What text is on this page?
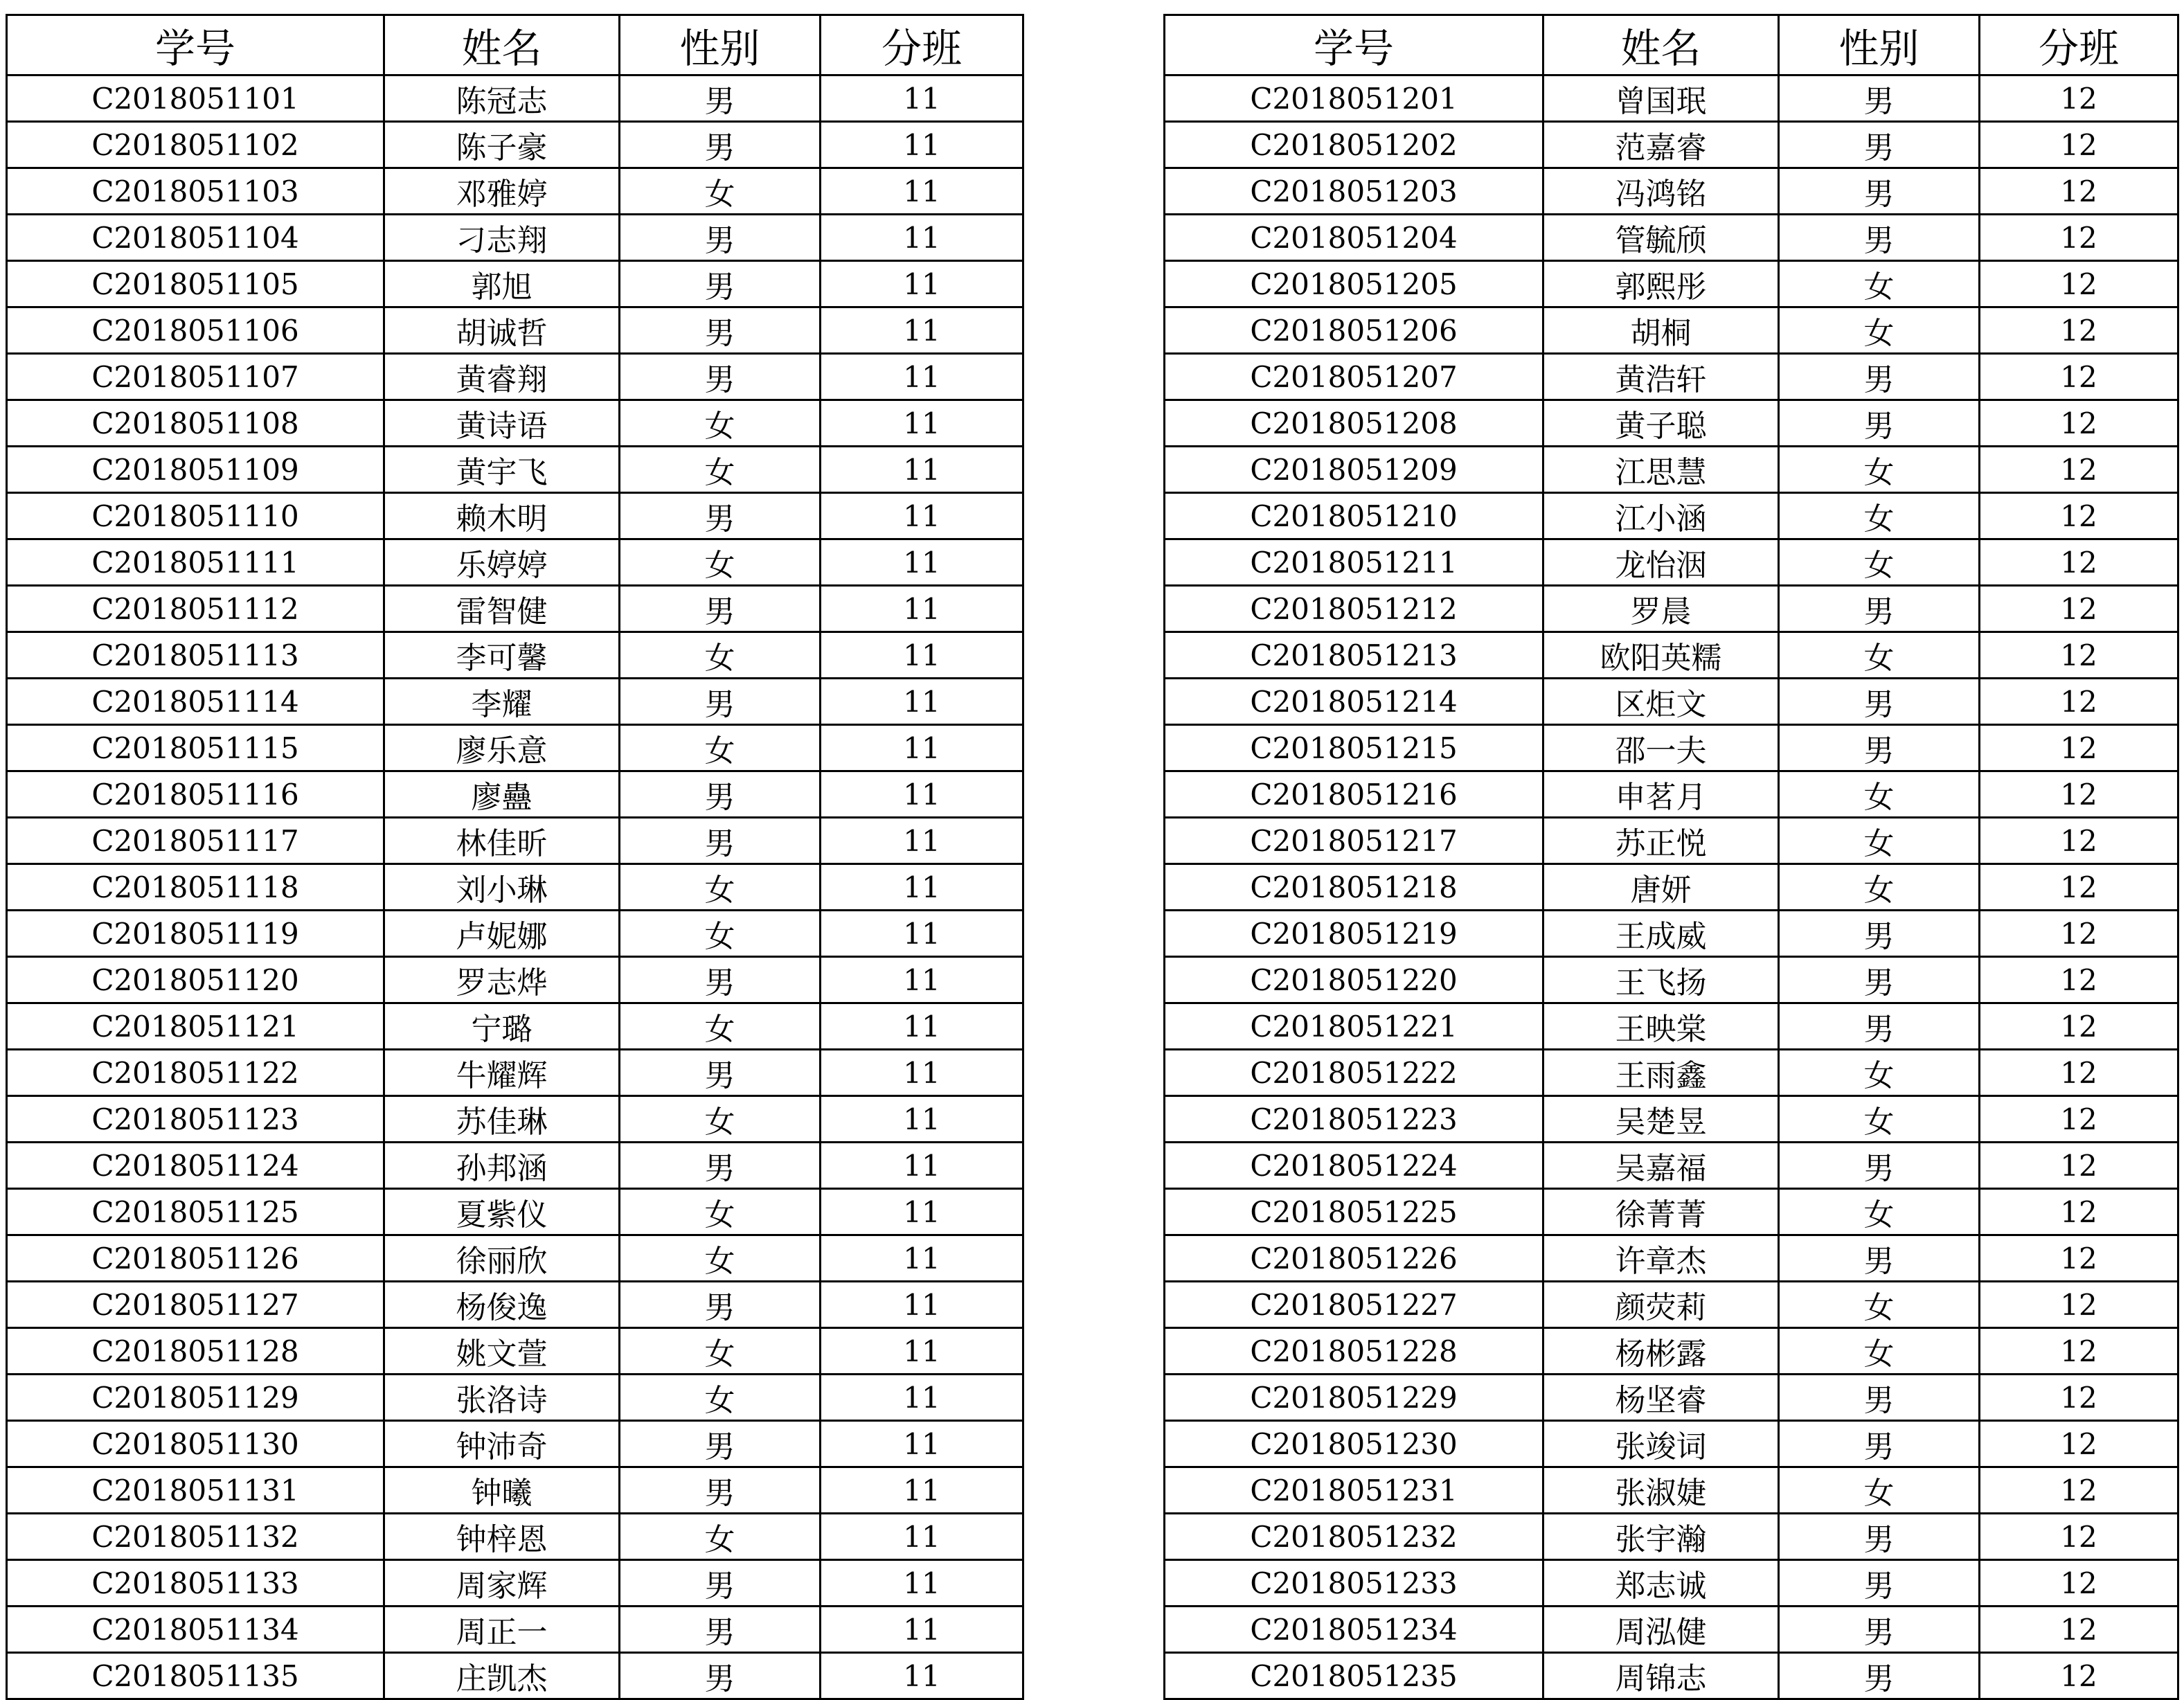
学号	姓名	性别	分班
C2018051101	陈冠志	男	11
C2018051102	陈子豪	男	11
C2018051103	邓雅婷	女	11
C2018051104	刁志翔	男	11
C2018051105	郭旭	男	11
C2018051106	胡诚哲	男	11
C2018051107	黄睿翔	男	11
C2018051108	黄诗语	女	11
C2018051109	黄宇飞	女	11
C2018051110	赖木明	男	11
C2018051111	乐婷婷	女	11
C2018051112	雷智健	男	11
C2018051113	李可馨	女	11
C2018051114	李耀	男	11
C2018051115	廖乐意	女	11
C2018051116	廖蠱	男	11
C2018051117	林佳昕	男	11
C2018051118	刘小琳	女	11
C2018051119	卢妮娜	女	11
C2018051120	罗志烨	男	11
C2018051121	宁璐	女	11
C2018051122	牛耀辉	男	11
C2018051123	苏佳琳	女	11
C2018051124	孙邦涵	男	11
C2018051125	夏紫仪	女	11
C2018051126	徐丽欣	女	11
C2018051127	杨俊逸	男	11
C2018051128	姚文萱	女	11
C2018051129	张洛诗	女	11
C2018051130	钟沛奇	男	11
C2018051131	钟曦	男	11
C2018051132	钟梓恩	女	11
C2018051133	周家辉	男	11
C2018051134	周正一	男	11
C2018051135	庄凯杰	男	11
学号	姓名	性别	分班
C2018051201	曾国珉	男	12
C2018051202	范嘉睿	男	12
C2018051203	冯鸿铭	男	12
C2018051204	管毓颀	男	12
C2018051205	郭熙彤	女	12
C2018051206	胡桐	女	12
C2018051207	黄浩轩	男	12
C2018051208	黄子聪	男	12
C2018051209	江思慧	女	12
C2018051210	江小涵	女	12
C2018051211	龙怡洇	女	12
C2018051212	罗晨	男	12
C2018051213	欧阳英糯	女	12
C2018051214	区炬文	男	12
C2018051215	邵一夫	男	12
C2018051216	申茗月	女	12
C2018051217	苏正悦	女	12
C2018051218	唐妍	女	12
C2018051219	王成威	男	12
C2018051220	王飞扬	男	12
C2018051221	王映棠	男	12
C2018051222	王雨鑫	女	12
C2018051223	吴楚昱	女	12
C2018051224	吴嘉福	男	12
C2018051225	徐菁菁	女	12
C2018051226	许章杰	男	12
C2018051227	颜荧莉	女	12
C2018051228	杨彬露	女	12
C2018051229	杨坚睿	男	12
C2018051230	张竣词	男	12
C2018051231	张淑婕	女	12
C2018051232	张宇瀚	男	12
C2018051233	郑志诚	男	12
C2018051234	周泓健	男	12
C2018051235	周锦志	男	12
